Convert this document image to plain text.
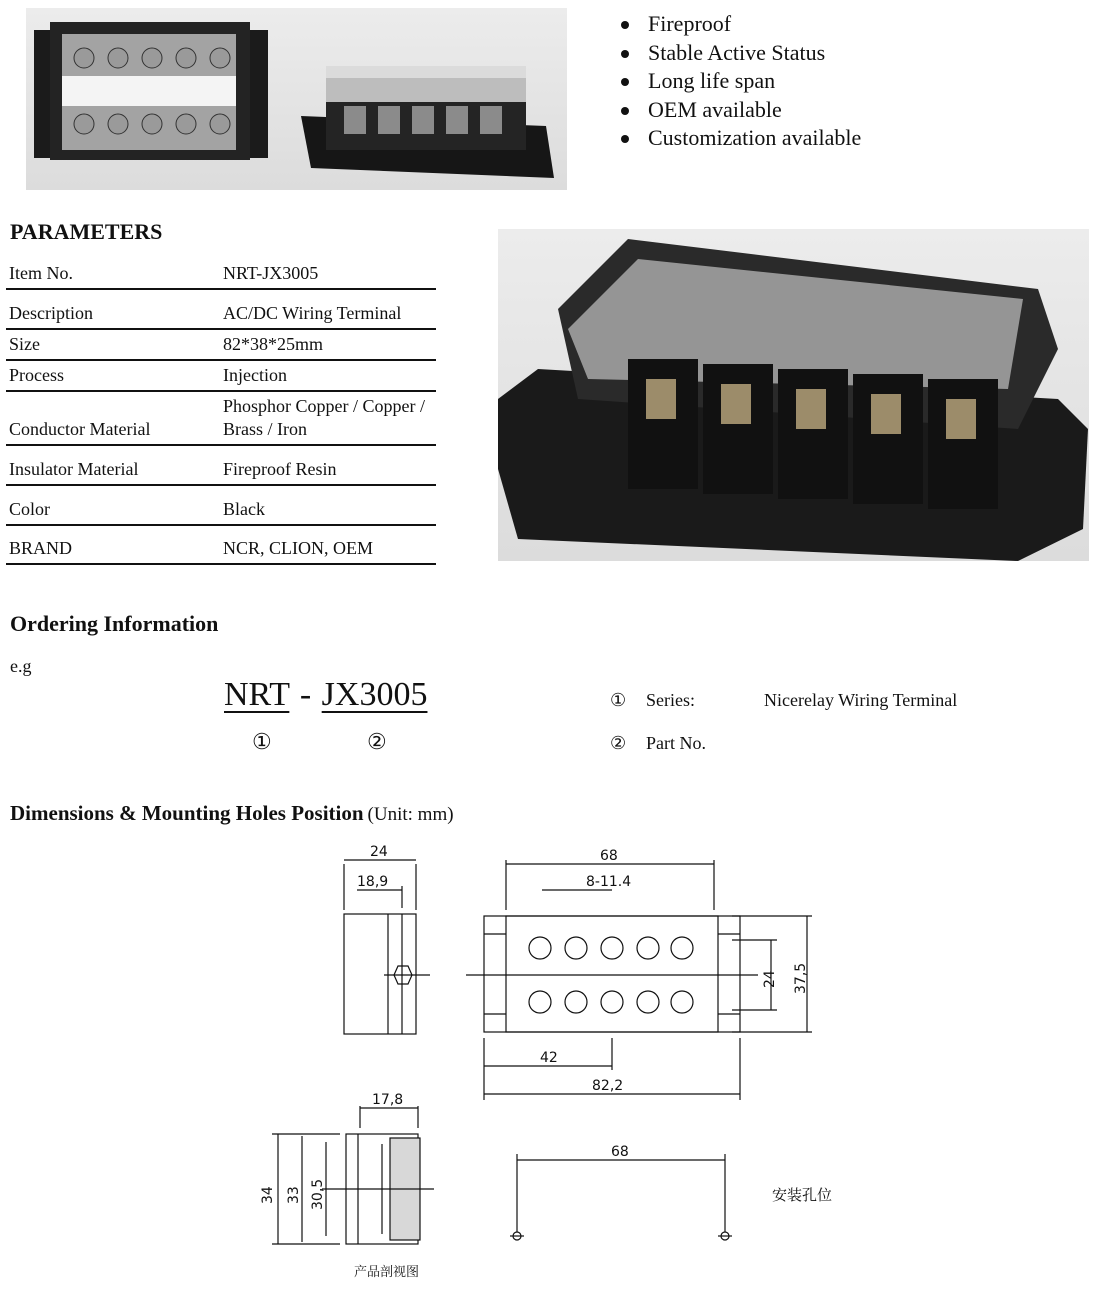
Fireproof
Stable Active Status
Long life span
OEM available
Customization available
PARAMETERS
Item No.	NRT-JX3005
Description	AC/DC Wiring Terminal
Size	82*38*25mm
Process	Injection
Conductor Material	Phosphor Copper / Copper / Brass / Iron
Insulator Material	Fireproof Resin
Color	Black
BRAND	NCR, CLION, OEM
Ordering Information
e.g
NRT - JX3005
①	②
① Series:	Nicerelay Wiring Terminal
② Part No.
Dimensions & Mounting Holes Position (Unit: mm)
24
18,9
68
8-11.4
24 37,5
42
82,2
17,8
34 33 30,5
产品剖视图
68
安装孔位
